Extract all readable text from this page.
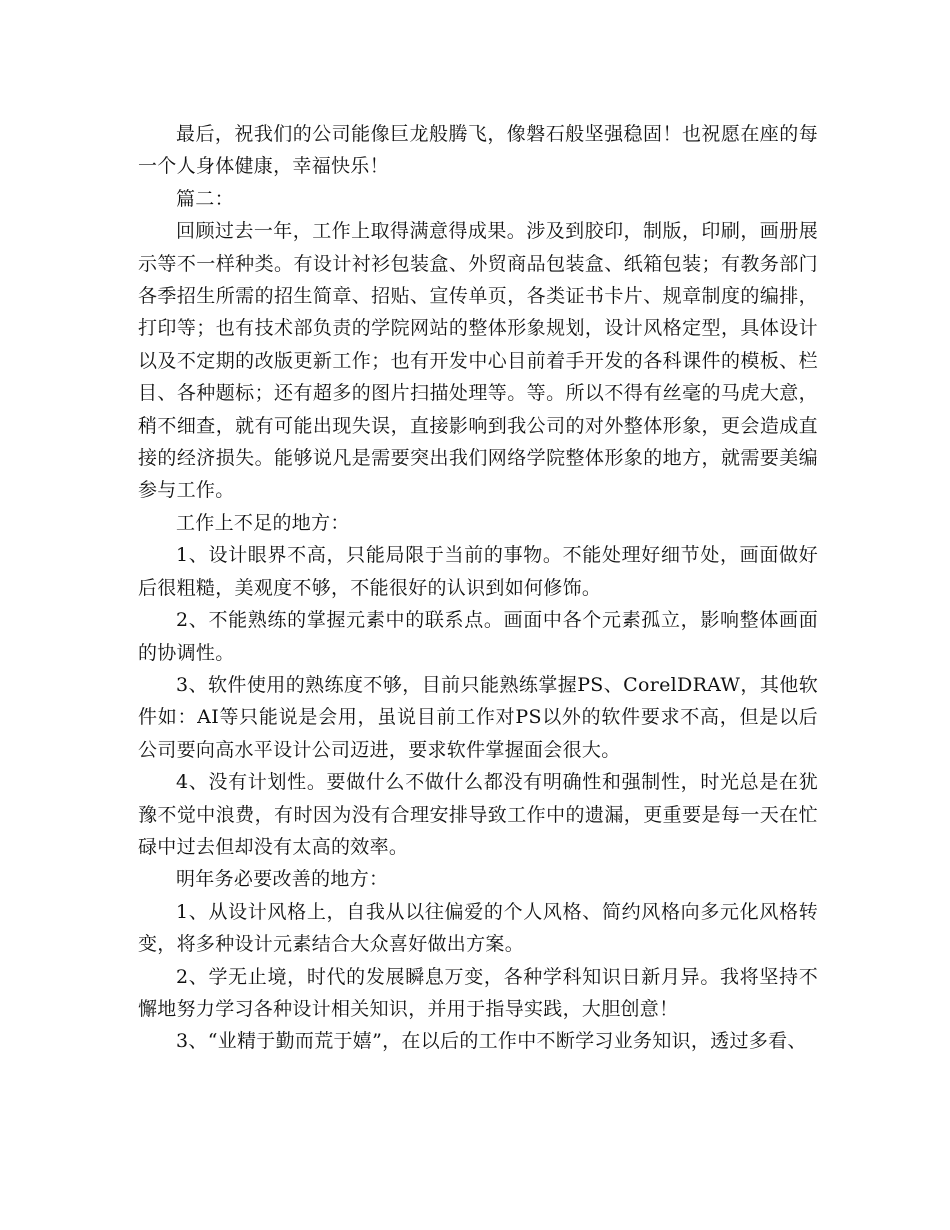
最后，祝我们的公司能像巨龙般腾飞，像磐石般坚强稳固！也祝愿在座的每一个人身体健康，幸福快乐！

篇二：

回顾过去一年，工作上取得满意得成果。涉及到胶印，制版，印刷，画册展示等不一样种类。有设计衬衫包装盒、外贸商品包装盒、纸箱包装；有教务部门各季招生所需的招生简章、招贴、宣传单页，各类证书卡片、规章制度的编排，打印等；也有技术部负责的学院网站的整体形象规划，设计风格定型，具体设计以及不定期的改版更新工作；也有开发中心目前着手开发的各科课件的模板、栏目、各种题标；还有超多的图片扫描处理等。等。所以不得有丝毫的马虎大意，稍不细查，就有可能出现失误，直接影响到我公司的对外整体形象，更会造成直接的经济损失。能够说凡是需要突出我们网络学院整体形象的地方，就需要美编参与工作。

工作上不足的地方：

1、设计眼界不高，只能局限于当前的事物。不能处理好细节处，画面做好后很粗糙，美观度不够，不能很好的认识到如何修饰。

2、不能熟练的掌握元素中的联系点。画面中各个元素孤立，影响整体画面的协调性。

3、软件使用的熟练度不够，目前只能熟练掌握PS、CorelDRAW，其他软件如：AI等只能说是会用，虽说目前工作对PS以外的软件要求不高，但是以后公司要向高水平设计公司迈进，要求软件掌握面会很大。

4、没有计划性。要做什么不做什么都没有明确性和强制性，时光总是在犹豫不觉中浪费，有时因为没有合理安排导致工作中的遗漏，更重要是每一天在忙碌中过去但却没有太高的效率。

明年务必要改善的地方：

1、从设计风格上，自我从以往偏爱的个人风格、简约风格向多元化风格转变，将多种设计元素结合大众喜好做出方案。

2、学无止境，时代的发展瞬息万变，各种学科知识日新月异。我将坚持不懈地努力学习各种设计相关知识，并用于指导实践，大胆创意！

3、“业精于勤而荒于嬉”，在以后的工作中不断学习业务知识，透过多看、
